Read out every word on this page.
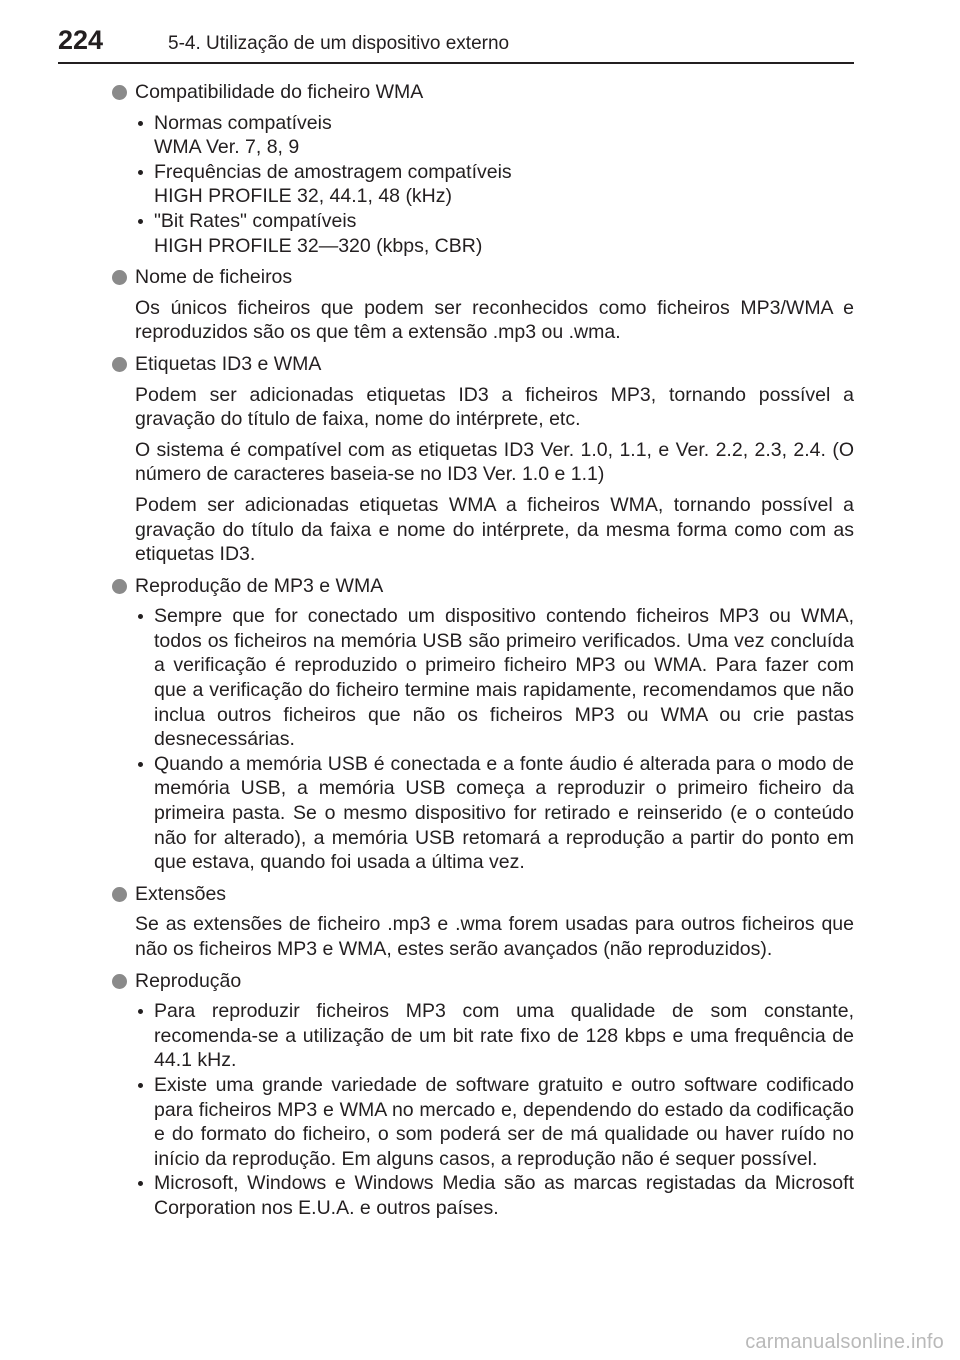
224	5-4. Utilização de um dispositivo externo
Compatibilidade do ficheiro WMA
Normas compatíveis
WMA Ver. 7, 8, 9
Frequências de amostragem compatíveis
HIGH PROFILE 32, 44.1, 48 (kHz)
"Bit Rates" compatíveis
HIGH PROFILE 32—320 (kbps, CBR)
Nome de ficheiros

Os únicos ficheiros que podem ser reconhecidos como ficheiros MP3/WMA e reproduzidos são os que têm a extensão .mp3 ou .wma.

Etiquetas ID3 e WMA

Podem ser adicionadas etiquetas ID3 a ficheiros MP3, tornando possível a gravação do título de faixa, nome do intérprete, etc.

O sistema é compatível com as etiquetas ID3 Ver. 1.0, 1.1, e Ver. 2.2, 2.3, 2.4. (O número de caracteres baseia-se no ID3 Ver. 1.0 e 1.1)

Podem ser adicionadas etiquetas WMA a ficheiros WMA, tornando possível a gravação do título da faixa e nome do intérprete, da mesma forma como com as etiquetas ID3.

Reprodução de MP3 e WMA
Sempre que for conectado um dispositivo contendo ficheiros MP3 ou WMA, todos os ficheiros na memória USB são primeiro verificados. Uma vez concluída a verificação é reproduzido o primeiro ficheiro MP3 ou WMA. Para fazer com que a verificação do ficheiro termine mais rapidamente, recomendamos que não inclua outros ficheiros que não os ficheiros MP3 ou WMA ou crie pastas desnecessárias.
Quando a memória USB é conectada e a fonte áudio é alterada para o modo de memória USB, a memória USB começa a reproduzir o primeiro ficheiro da primeira pasta. Se o mesmo dispositivo for retirado e reinserido (e o conteúdo não for alterado), a memória USB retomará a reprodução a partir do ponto em que estava, quando foi usada a última vez.
Extensões

Se as extensões de ficheiro .mp3 e .wma forem usadas para outros ficheiros que não os ficheiros MP3 e WMA, estes serão avançados (não reproduzidos).

Reprodução
Para reproduzir ficheiros MP3 com uma qualidade de som constante, recomenda-se a utilização de um bit rate fixo de 128 kbps e uma frequência de 44.1 kHz.
Existe uma grande variedade de software gratuito e outro software codificado para ficheiros MP3 e WMA no mercado e, dependendo do estado da codificação e do formato do ficheiro, o som poderá ser de má qualidade ou haver ruído no início da reprodução. Em alguns casos, a reprodução não é sequer possível.
Microsoft, Windows e Windows Media são as marcas registadas da Microsoft Corporation nos E.U.A. e outros países.
carmanualsonline.info
